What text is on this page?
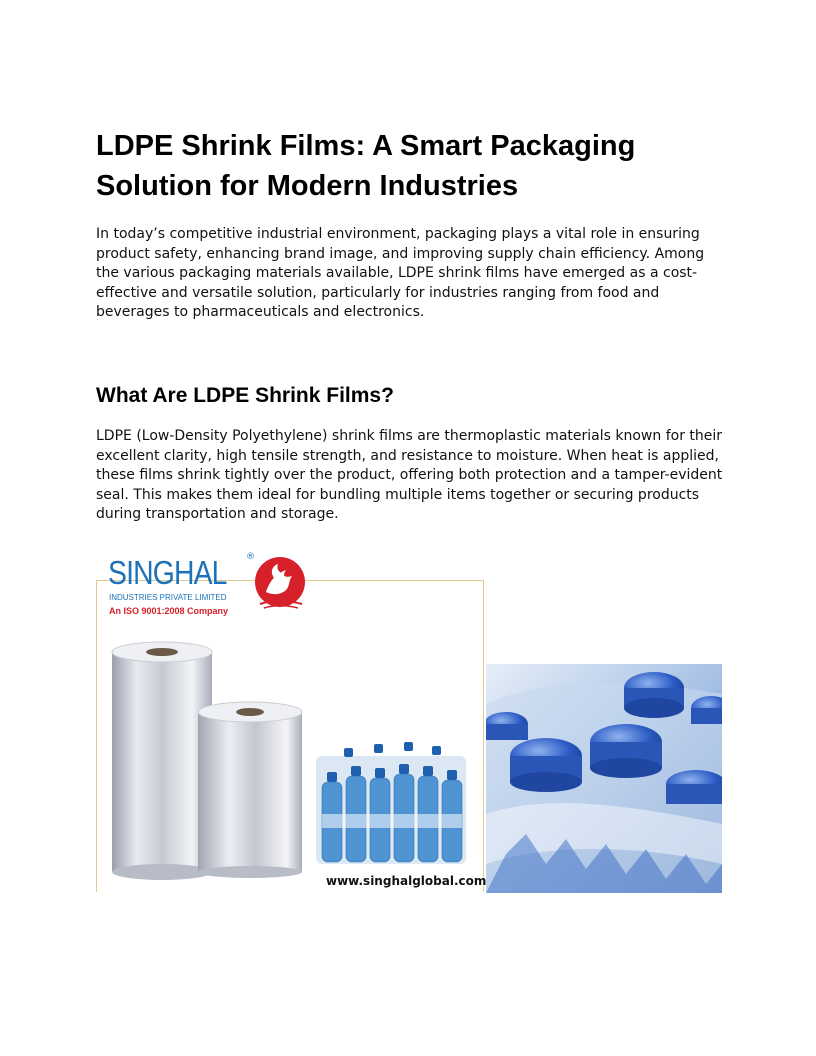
LDPE Shrink Films: A Smart Packaging Solution for Modern Industries

In today’s competitive industrial environment, packaging plays a vital role in ensuring product safety, enhancing brand image, and improving supply chain efficiency. Among the various packaging materials available, LDPE shrink films have emerged as a cost-effective and versatile solution, particularly for industries ranging from food and beverages to pharmaceuticals and electronics.

What Are LDPE Shrink Films?

LDPE (Low-Density Polyethylene) shrink films are thermoplastic materials known for their excellent clarity, high tensile strength, and resistance to moisture. When heat is applied, these films shrink tightly over the product, offering both protection and a tamper-evident seal. This makes them ideal for bundling multiple items together or securing products during transportation and storage.

SINGHAL ®
INDUSTRIES PRIVATE LIMITED
An ISO 9001:2008 Company

www.singhalglobal.com
